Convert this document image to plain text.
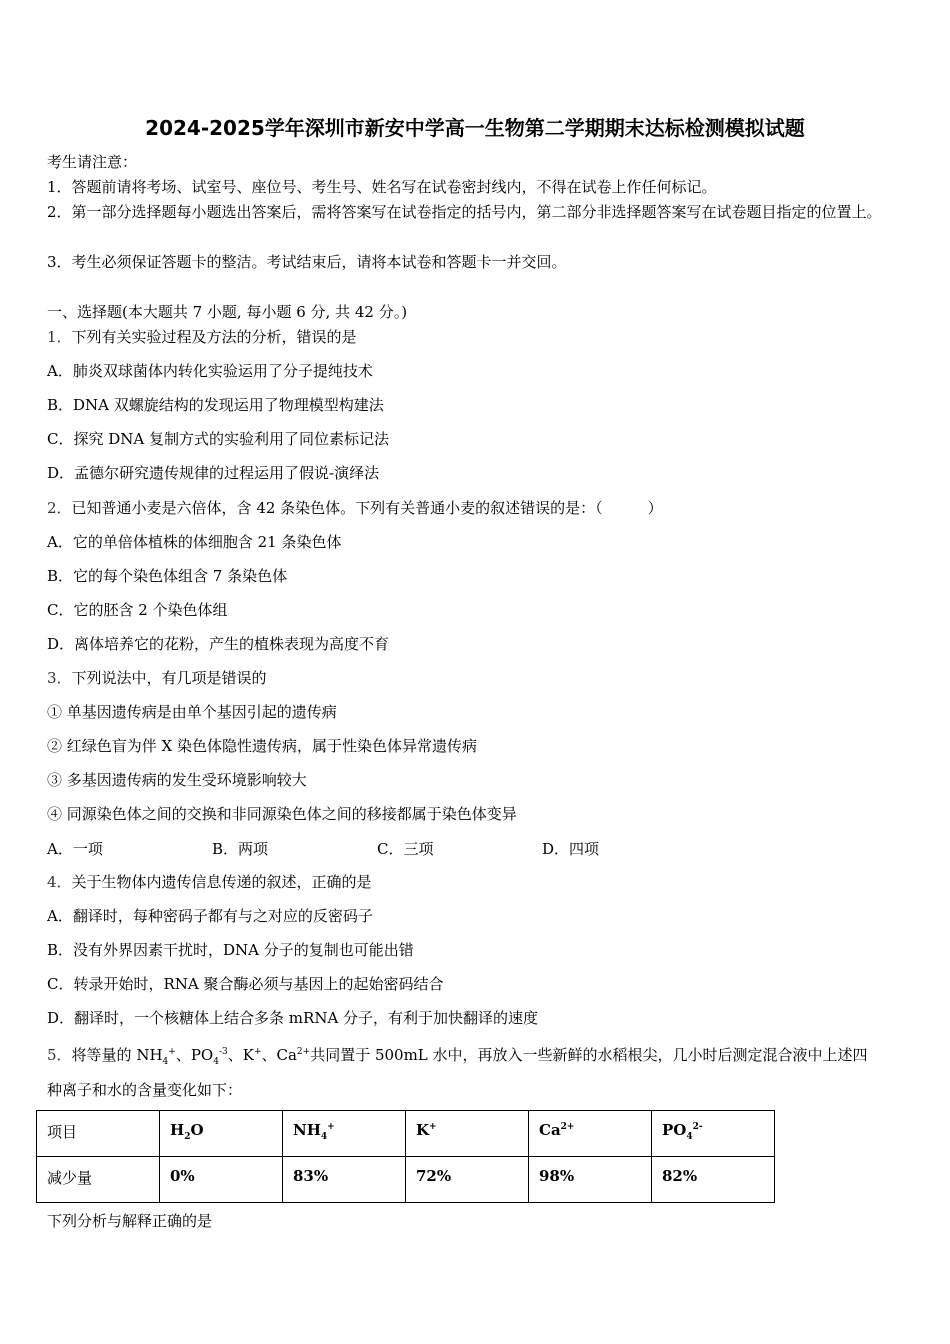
2024-2025学年深圳市新安中学高一生物第二学期期末达标检测模拟试题
考生请注意：
1．答题前请将考场、试室号、座位号、考生号、姓名写在试卷密封线内，不得在试卷上作任何标记。
2．第一部分选择题每小题选出答案后，需将答案写在试卷指定的括号内，第二部分非选择题答案写在试卷题目指定的位置上。
3．考生必须保证答题卡的整洁。考试结束后，请将本试卷和答题卡一并交回。
一、选择题(本大题共 7 小题, 每小题 6 分, 共 42 分。)
1．下列有关实验过程及方法的分析，错误的是
A．肺炎双球菌体内转化实验运用了分子提纯技术
B．DNA 双螺旋结构的发现运用了物理模型构建法
C．探究 DNA 复制方式的实验利用了同位素标记法
D．孟德尔研究遗传规律的过程运用了假说-演绎法
2．已知普通小麦是六倍体，含 42 条染色体。下列有关普通小麦的叙述错误的是：（　　　）
A．它的单倍体植株的体细胞含 21 条染色体
B．它的每个染色体组含 7 条染色体
C．它的胚含 2 个染色体组
D．离体培养它的花粉，产生的植株表现为高度不育
3．下列说法中，有几项是错误的
① 单基因遗传病是由单个基因引起的遗传病
② 红绿色盲为伴 X 染色体隐性遗传病，属于性染色体异常遗传病
③ 多基因遗传病的发生受环境影响较大
④ 同源染色体之间的交换和非同源染色体之间的移接都属于染色体变异
A．一项	B．两项	C．三项	D．四项
4．关于生物体内遗传信息传递的叙述，正确的是
A．翻译时，每种密码子都有与之对应的反密码子
B．没有外界因素干扰时，DNA 分子的复制也可能出错
C．转录开始时，RNA 聚合酶必须与基因上的起始密码结合
D．翻译时，一个核糖体上结合多条 mRNA 分子，有利于加快翻译的速度
5．将等量的 $NH_4^+$、$PO_4^{-3}$、K+、$Ca^{2+}$共同置于 500mL 水中，再放入一些新鲜的水稻根尖，几小时后测定混合液中上述四
种离子和水的含量变化如下：
项目	$H_2O$	$NH_4^+$	K+	$Ca^{2+}$	$PO_4^{2-}$
减少量	0%	83%	72%	98%	82%
下列分析与解释正确的是
